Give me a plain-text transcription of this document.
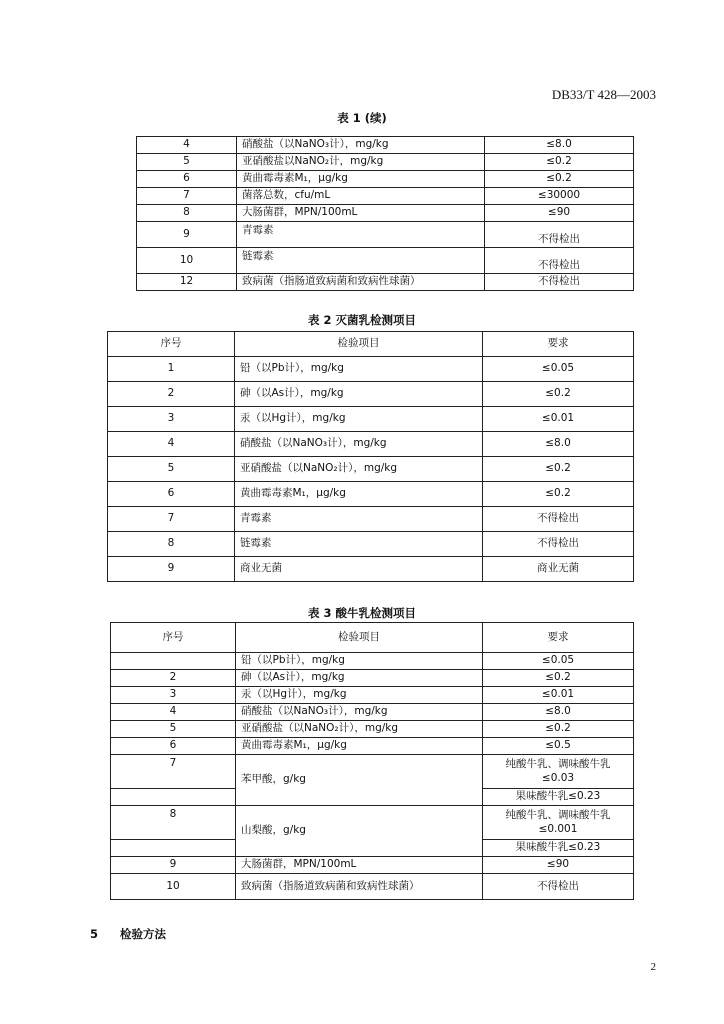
DB33/T 428—2003
表 1 (续)
4	硝酸盐（以NaNO₃计），mg/kg	≤8.0
5	亚硝酸盐以NaNO₂计，mg/kg	≤0.2
6	黄曲霉毒素M₁，μg/kg	≤0.2
7	菌落总数，cfu/mL	≤30000
8	大肠菌群，MPN/100mL	≤90
9	青霉素	不得检出
10	链霉素	不得检出
12	致病菌（指肠道致病菌和致病性球菌）	不得检出
表 2 灭菌乳检测项目
序号	检验项目	要求
1	铅（以Pb计），mg/kg	≤0.05
2	砷（以As计），mg/kg	≤0.2
3	汞（以Hg计），mg/kg	≤0.01
4	硝酸盐（以NaNO₃计），mg/kg	≤8.0
5	亚硝酸盐（以NaNO₂计），mg/kg	≤0.2
6	黄曲霉毒素M₁，μg/kg	≤0.2
7	青霉素	不得检出
8	链霉素	不得检出
9	商业无菌	商业无菌
表 3 酸牛乳检测项目
序号	检验项目	要求
	铅（以Pb计），mg/kg	≤0.05
2	砷（以As计），mg/kg	≤0.2
3	汞（以Hg计），mg/kg	≤0.01
4	硝酸盐（以NaNO₃计），mg/kg	≤8.0
5	亚硝酸盐（以NaNO₂计），mg/kg	≤0.2
6	黄曲霉毒素M₁，μg/kg	≤0.5
7	苯甲酸，g/kg	纯酸牛乳、调味酸牛乳
≤0.03

		果味酸牛乳≤0.23
8	山梨酸，g/kg	纯酸牛乳、调味酸牛乳
≤0.001

		果味酸牛乳≤0.23
9	大肠菌群，MPN/100mL	≤90
10	致病菌（指肠道致病菌和致病性球菌）	不得检出
5 检验方法
2
